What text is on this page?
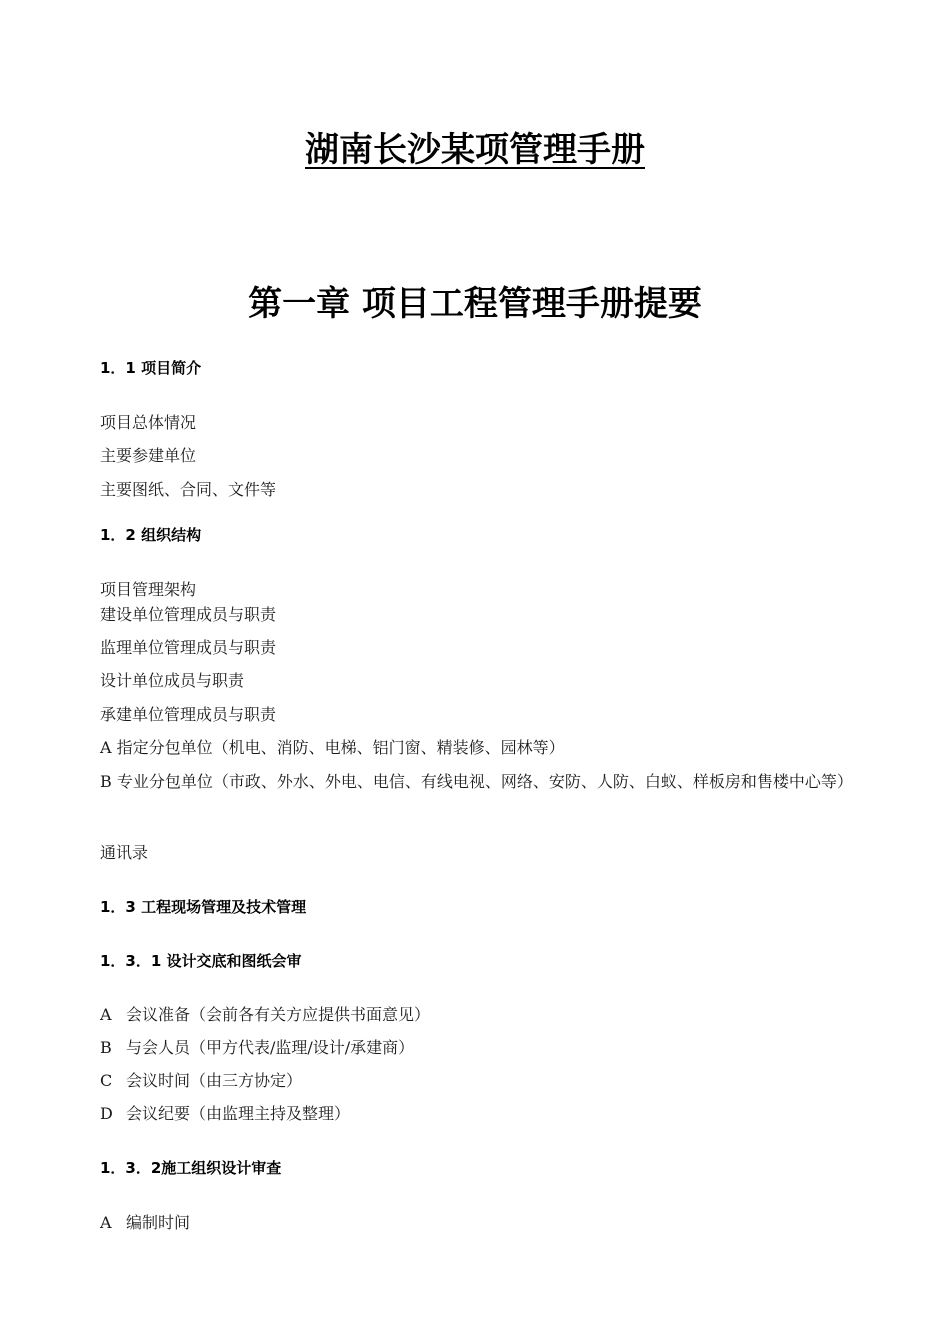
湖南长沙某项管理手册
第一章 项目工程管理手册提要
1．1 项目简介
项目总体情况
主要参建单位
主要图纸、合同、文件等
1．2 组织结构
项目管理架构
建设单位管理成员与职责
监理单位管理成员与职责
设计单位成员与职责
承建单位管理成员与职责
A 指定分包单位（机电、消防、电梯、铝门窗、精装修、园林等）
B 专业分包单位（市政、外水、外电、电信、有线电视、网络、安防、人防、白蚁、样板房和售楼中心等）
通讯录
1．3 工程现场管理及技术管理
1．3．1 设计交底和图纸会审
A 会议准备（会前各有关方应提供书面意见）
B 与会人员（甲方代表/监理/设计/承建商）
C 会议时间（由三方协定）
D 会议纪要（由监理主持及整理）
1．3．2施工组织设计审查
A 编制时间
